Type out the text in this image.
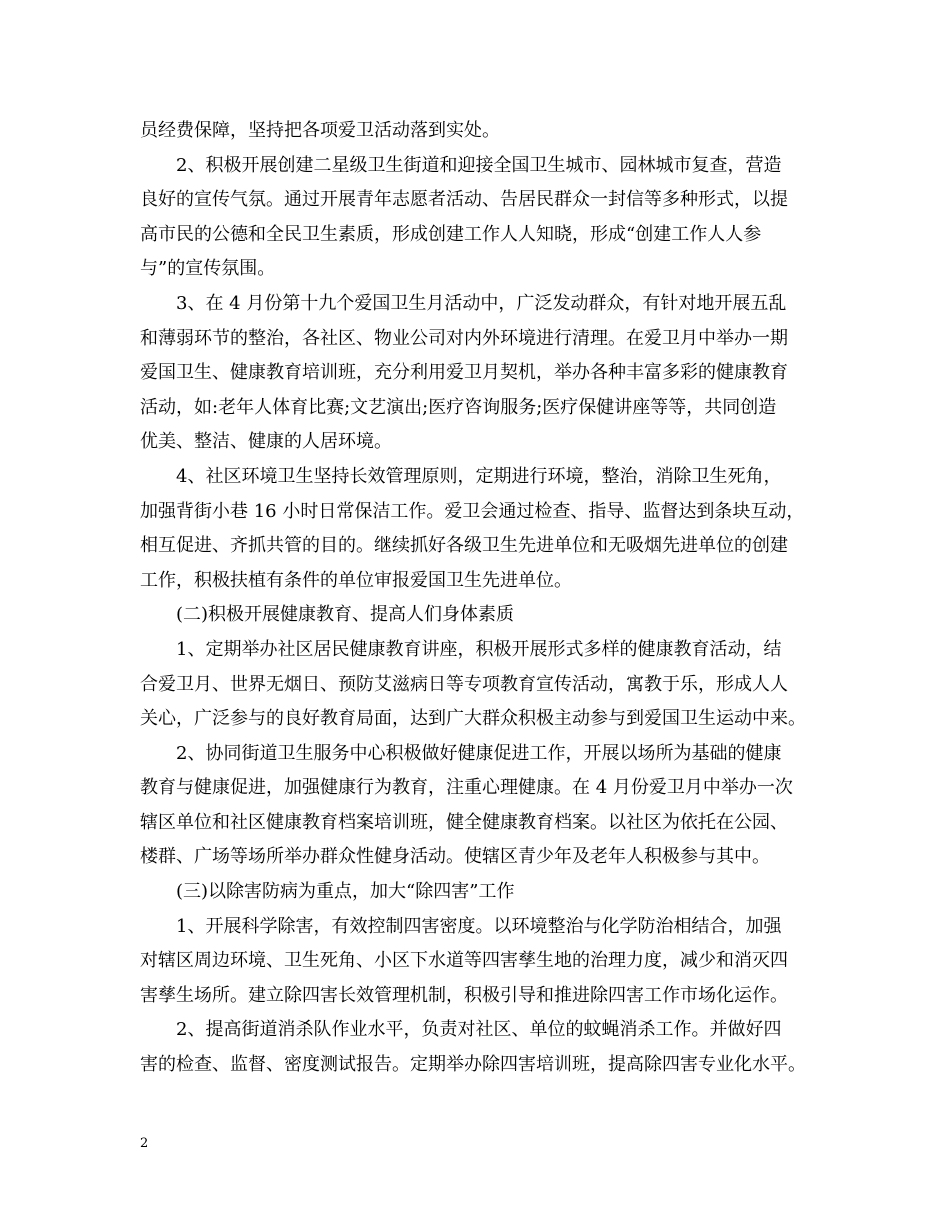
员经费保障，坚持把各项爱卫活动落到实处。

2、积极开展创建二星级卫生街道和迎接全国卫生城市、园林城市复查，营造
良好的宣传气氛。通过开展青年志愿者活动、告居民群众一封信等多种形式，以提
高市民的公德和全民卫生素质，形成创建工作人人知晓，形成“创建工作人人参
与”的宣传氛围。

3、在 4 月份第十九个爱国卫生月活动中，广泛发动群众，有针对地开展五乱
和薄弱环节的整治，各社区、物业公司对内外环境进行清理。在爱卫月中举办一期
爱国卫生、健康教育培训班，充分利用爱卫月契机，举办各种丰富多彩的健康教育
活动，如:老年人体育比赛;文艺演出;医疗咨询服务;医疗保健讲座等等，共同创造
优美、整洁、健康的人居环境。

4、社区环境卫生坚持长效管理原则，定期进行环境，整治，消除卫生死角，
加强背街小巷 16 小时日常保洁工作。爱卫会通过检查、指导、监督达到条块互动，
相互促进、齐抓共管的目的。继续抓好各级卫生先进单位和无吸烟先进单位的创建
工作，积极扶植有条件的单位审报爱国卫生先进单位。

(二)积极开展健康教育、提高人们身体素质

1、定期举办社区居民健康教育讲座，积极开展形式多样的健康教育活动，结
合爱卫月、世界无烟日、预防艾滋病日等专项教育宣传活动，寓教于乐，形成人人
关心，广泛参与的良好教育局面，达到广大群众积极主动参与到爱国卫生运动中来。

2、协同街道卫生服务中心积极做好健康促进工作，开展以场所为基础的健康
教育与健康促进，加强健康行为教育，注重心理健康。在 4 月份爱卫月中举办一次
辖区单位和社区健康教育档案培训班，健全健康教育档案。以社区为依托在公园、
楼群、广场等场所举办群众性健身活动。使辖区青少年及老年人积极参与其中。

(三)以除害防病为重点，加大“除四害”工作

1、开展科学除害，有效控制四害密度。以环境整治与化学防治相结合，加强
对辖区周边环境、卫生死角、小区下水道等四害孳生地的治理力度，减少和消灭四
害孳生场所。建立除四害长效管理机制，积极引导和推进除四害工作市场化运作。

2、提高街道消杀队作业水平，负责对社区、单位的蚊蝇消杀工作。并做好四
害的检查、监督、密度测试报告。定期举办除四害培训班，提高除四害专业化水平。

2
